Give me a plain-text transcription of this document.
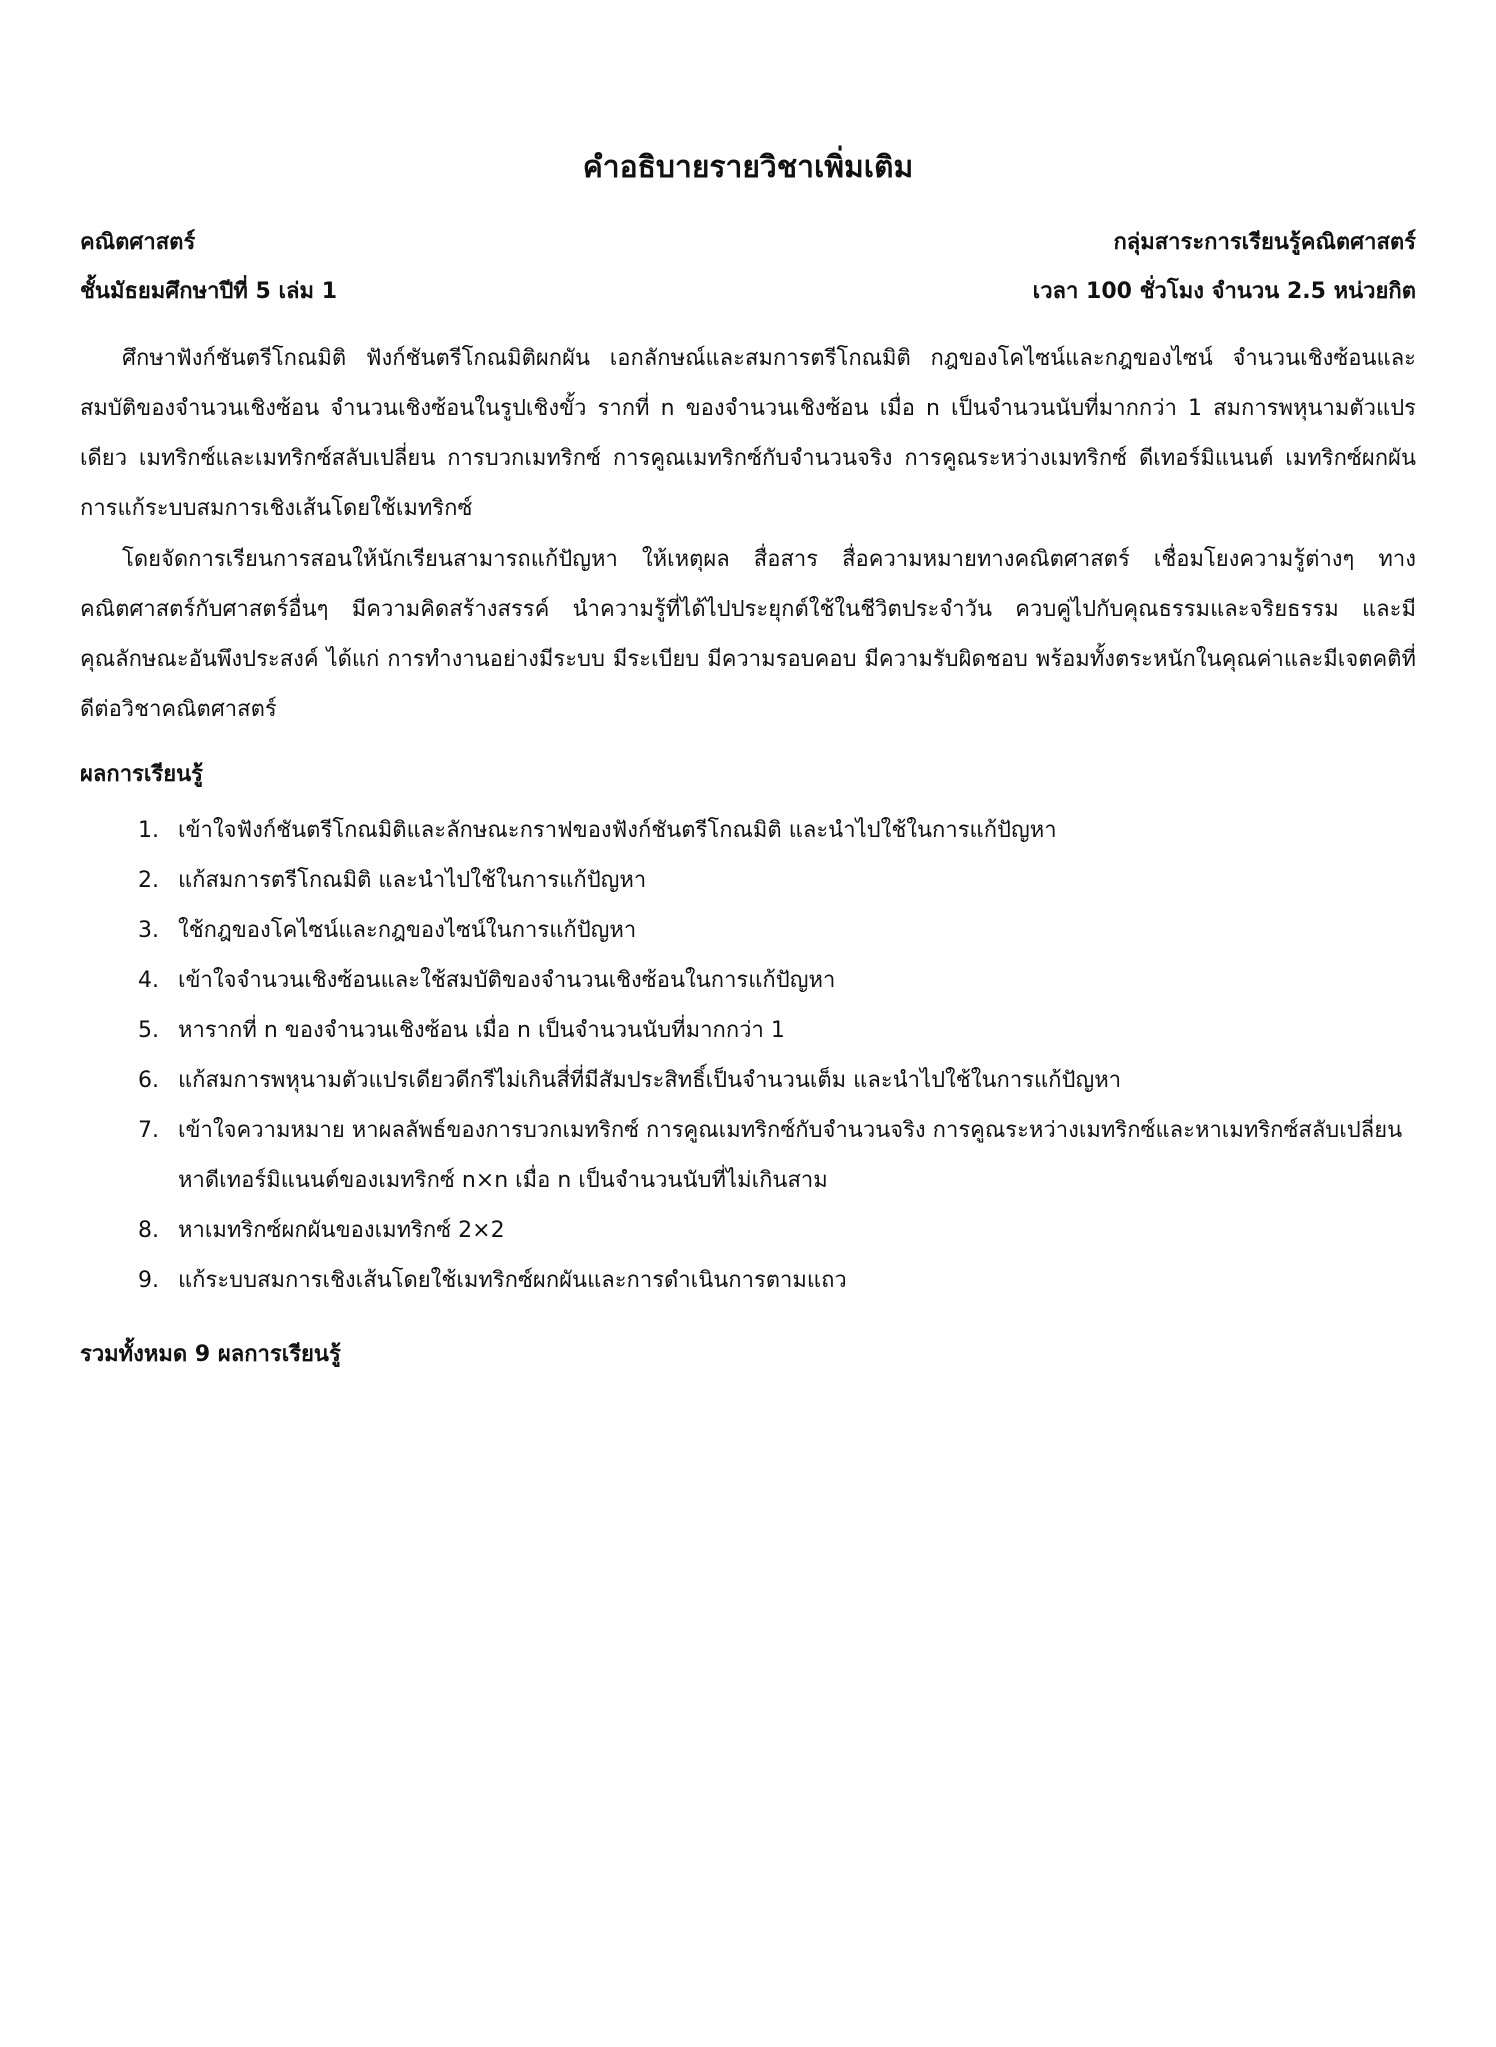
คำอธิบายรายวิชาเพิ่มเติม
คณิตศาสตร์	กลุ่มสาระการเรียนรู้คณิตศาสตร์
ชั้นมัธยมศึกษาปีที่ 5 เล่ม 1	เวลา 100 ชั่วโมง จำนวน 2.5 หน่วยกิต

ศึกษาฟังก์ชันตรีโกณมิติ ฟังก์ชันตรีโกณมิติผกผัน เอกลักษณ์และสมการตรีโกณมิติ กฎของโคไซน์และกฎของไซน์ จำนวนเชิงซ้อนและสมบัติของจำนวนเชิงซ้อน จำนวนเชิงซ้อนในรูปเชิงขั้ว รากที่ n ของจำนวนเชิงซ้อน เมื่อ n เป็นจำนวนนับที่มากกว่า 1 สมการพหุนามตัวแปรเดียว เมทริกซ์และเมทริกซ์สลับเปลี่ยน การบวกเมทริกซ์ การคูณเมทริกซ์กับจำนวนจริง การคูณระหว่างเมทริกซ์ ดีเทอร์มิแนนต์ เมทริกซ์ผกผัน การแก้ระบบสมการเชิงเส้นโดยใช้เมทริกซ์

โดยจัดการเรียนการสอนให้นักเรียนสามารถแก้ปัญหา ให้เหตุผล สื่อสาร สื่อความหมายทางคณิตศาสตร์ เชื่อมโยงความรู้ต่างๆ ทางคณิตศาสตร์กับศาสตร์อื่นๆ มีความคิดสร้างสรรค์ นำความรู้ที่ได้ไปประยุกต์ใช้ในชีวิตประจำวัน ควบคู่ไปกับคุณธรรมและจริยธรรม และมีคุณลักษณะอันพึงประสงค์ ได้แก่ การทำงานอย่างมีระบบ มีระเบียบ มีความรอบคอบ มีความรับผิดชอบ พร้อมทั้งตระหนักในคุณค่าและมีเจตคติที่ดีต่อวิชาคณิตศาสตร์

ผลการเรียนรู้
1. เข้าใจฟังก์ชันตรีโกณมิติและลักษณะกราฟของฟังก์ชันตรีโกณมิติ และนำไปใช้ในการแก้ปัญหา
2. แก้สมการตรีโกณมิติ และนำไปใช้ในการแก้ปัญหา
3. ใช้กฎของโคไซน์และกฎของไซน์ในการแก้ปัญหา
4. เข้าใจจำนวนเชิงซ้อนและใช้สมบัติของจำนวนเชิงซ้อนในการแก้ปัญหา
5. หารากที่ n ของจำนวนเชิงซ้อน เมื่อ n เป็นจำนวนนับที่มากกว่า 1
6. แก้สมการพหุนามตัวแปรเดียวดีกรีไม่เกินสี่ที่มีสัมประสิทธิ์เป็นจำนวนเต็ม และนำไปใช้ในการแก้ปัญหา
7. เข้าใจความหมาย หาผลลัพธ์ของการบวกเมทริกซ์ การคูณเมทริกซ์กับจำนวนจริง การคูณระหว่างเมทริกซ์และหาเมทริกซ์สลับเปลี่ยน หาดีเทอร์มิแนนต์ของเมทริกซ์ n×n เมื่อ n เป็นจำนวนนับที่ไม่เกินสาม
8. หาเมทริกซ์ผกผันของเมทริกซ์ 2×2
9. แก้ระบบสมการเชิงเส้นโดยใช้เมทริกซ์ผกผันและการดำเนินการตามแถว
รวมทั้งหมด 9 ผลการเรียนรู้
